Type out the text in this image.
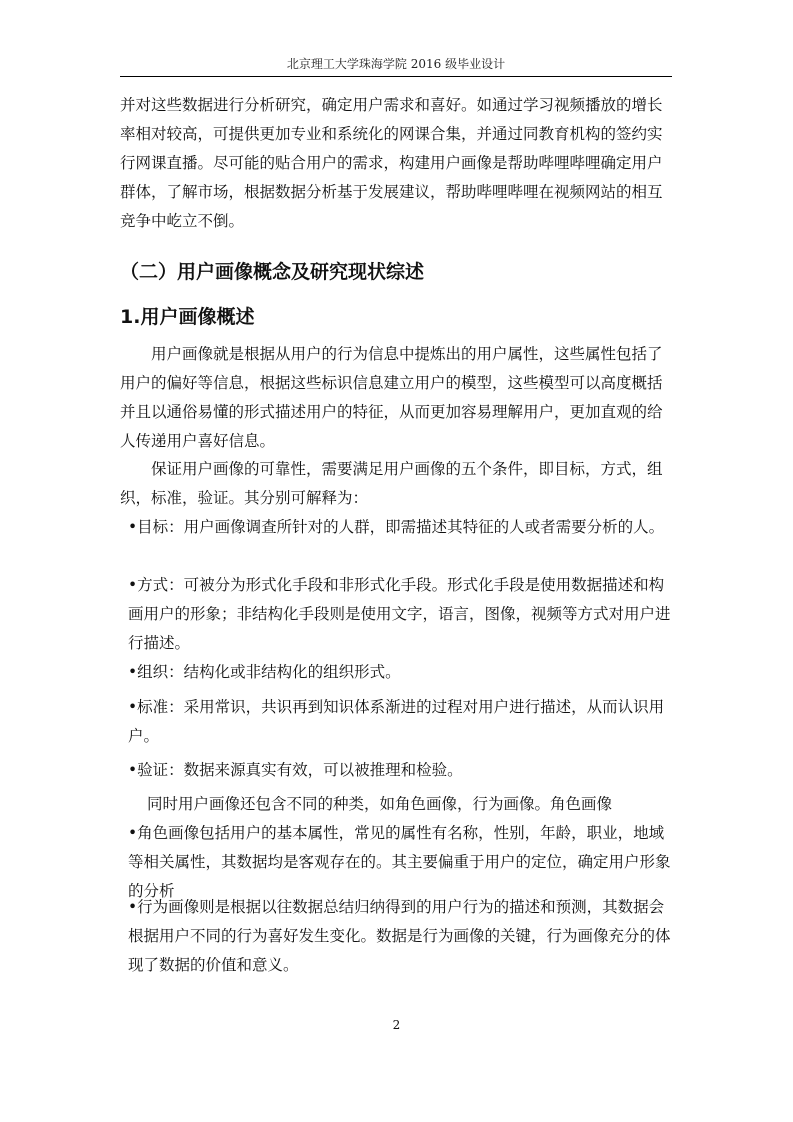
北京理工大学珠海学院 2016 级毕业设计

并对这些数据进行分析研究，确定用户需求和喜好。如通过学习视频播放的增长率相对较高，可提供更加专业和系统化的网课合集，并通过同教育机构的签约实行网课直播。尽可能的贴合用户的需求，构建用户画像是帮助哔哩哔哩确定用户群体，了解市场，根据数据分析基于发展建议，帮助哔哩哔哩在视频网站的相互竞争中屹立不倒。

（二）用户画像概念及研究现状综述
1.用户画像概述

用户画像就是根据从用户的行为信息中提炼出的用户属性，这些属性包括了用户的偏好等信息，根据这些标识信息建立用户的模型，这些模型可以高度概括并且以通俗易懂的形式描述用户的特征，从而更加容易理解用户，更加直观的给人传递用户喜好信息。

保证用户画像的可靠性，需要满足用户画像的五个条件，即目标，方式，组织，标准，验证。其分别可解释为：

•目标：用户画像调查所针对的人群，即需描述其特征的人或者需要分析的人。

•方式：可被分为形式化手段和非形式化手段。形式化手段是使用数据描述和构画用户的形象；非结构化手段则是使用文字，语言，图像，视频等方式对用户进行描述。

•组织：结构化或非结构化的组织形式。

•标准：采用常识，共识再到知识体系渐进的过程对用户进行描述，从而认识用户。

•验证：数据来源真实有效，可以被推理和检验。

同时用户画像还包含不同的种类，如角色画像，行为画像。角色画像

•角色画像包括用户的基本属性，常见的属性有名称，性别，年龄，职业，地域等相关属性，其数据均是客观存在的。其主要偏重于用户的定位，确定用户形象的分析

•行为画像则是根据以往数据总结归纳得到的用户行为的描述和预测，其数据会根据用户不同的行为喜好发生变化。数据是行为画像的关键，行为画像充分的体现了数据的价值和意义。

2
